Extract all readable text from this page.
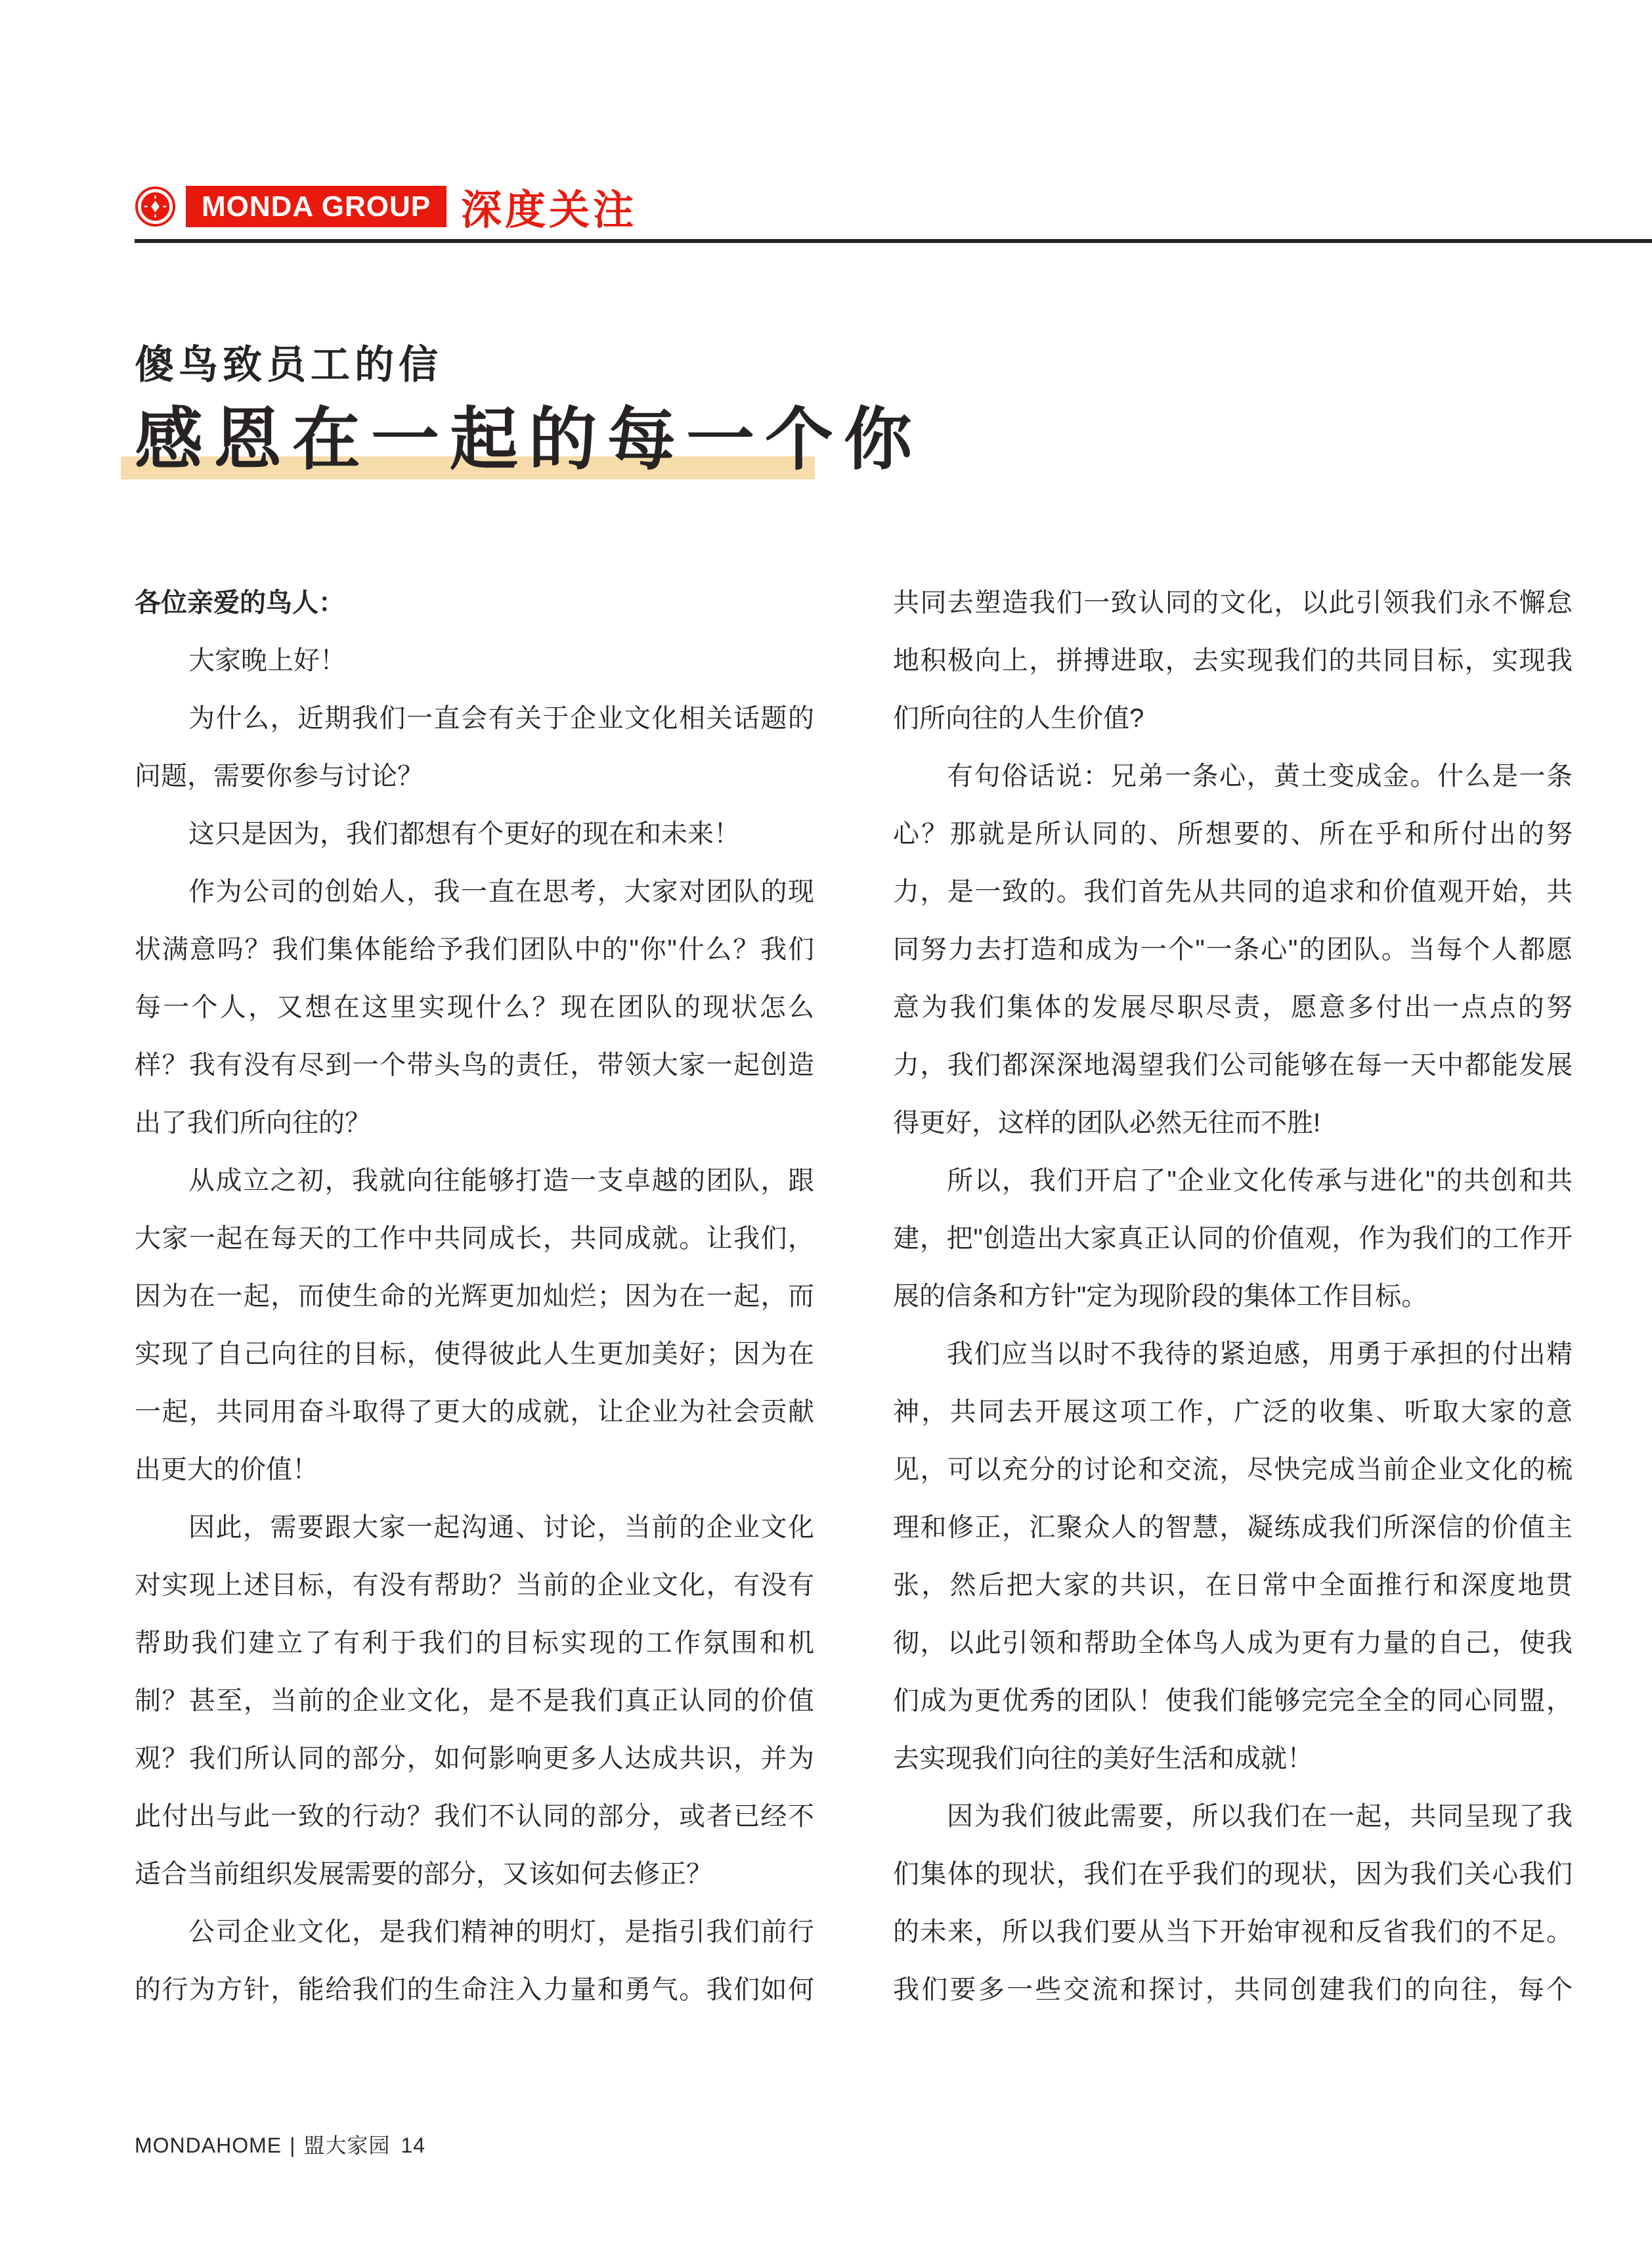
MONDA GROUP 深度关注
傻鸟致员工的信
感恩在一起的每一个你
各位亲爱的鸟人：
大家晚上好！
为什么，近期我们一直会有关于企业文化相关话题的
问题，需要你参与讨论？
这只是因为，我们都想有个更好的现在和未来！
作为公司的创始人，我一直在思考，大家对团队的现
状满意吗？我们集体能给予我们团队中的"你"什么？我们
每一个人，又想在这里实现什么？现在团队的现状怎么
样？我有没有尽到一个带头鸟的责任，带领大家一起创造
出了我们所向往的？
从成立之初，我就向往能够打造一支卓越的团队，跟
大家一起在每天的工作中共同成长，共同成就。让我们，
因为在一起，而使生命的光辉更加灿烂；因为在一起，而
实现了自己向往的目标，使得彼此人生更加美好；因为在
一起，共同用奋斗取得了更大的成就，让企业为社会贡献
出更大的价值！
因此，需要跟大家一起沟通、讨论，当前的企业文化
对实现上述目标，有没有帮助？当前的企业文化，有没有
帮助我们建立了有利于我们的目标实现的工作氛围和机
制？甚至，当前的企业文化，是不是我们真正认同的价值
观？我们所认同的部分，如何影响更多人达成共识，并为
此付出与此一致的行动？我们不认同的部分，或者已经不
适合当前组织发展需要的部分，又该如何去修正？
公司企业文化，是我们精神的明灯，是指引我们前行
的行为方针，能给我们的生命注入力量和勇气。我们如何
共同去塑造我们一致认同的文化，以此引领我们永不懈怠
地积极向上，拼搏进取，去实现我们的共同目标，实现我
们所向往的人生价值?
有句俗话说：兄弟一条心，黄土变成金。什么是一条
心？那就是所认同的、所想要的、所在乎和所付出的努
力，是一致的。我们首先从共同的追求和价值观开始，共
同努力去打造和成为一个"一条心"的团队。当每个人都愿
意为我们集体的发展尽职尽责，愿意多付出一点点的努
力，我们都深深地渴望我们公司能够在每一天中都能发展
得更好，这样的团队必然无往而不胜!
所以，我们开启了"企业文化传承与进化"的共创和共
建，把"创造出大家真正认同的价值观，作为我们的工作开
展的信条和方针"定为现阶段的集体工作目标。
我们应当以时不我待的紧迫感，用勇于承担的付出精
神，共同去开展这项工作，广泛的收集、听取大家的意
见，可以充分的讨论和交流，尽快完成当前企业文化的梳
理和修正，汇聚众人的智慧，凝练成我们所深信的价值主
张，然后把大家的共识，在日常中全面推行和深度地贯
彻，以此引领和帮助全体鸟人成为更有力量的自己，使我
们成为更优秀的团队！使我们能够完完全全的同心同盟，
去实现我们向往的美好生活和成就！
因为我们彼此需要，所以我们在一起，共同呈现了我
们集体的现状，我们在乎我们的现状，因为我们关心我们
的未来，所以我们要从当下开始审视和反省我们的不足。
我们要多一些交流和探讨，共同创建我们的向往，每个
MONDAHOME | 盟大家园 14
